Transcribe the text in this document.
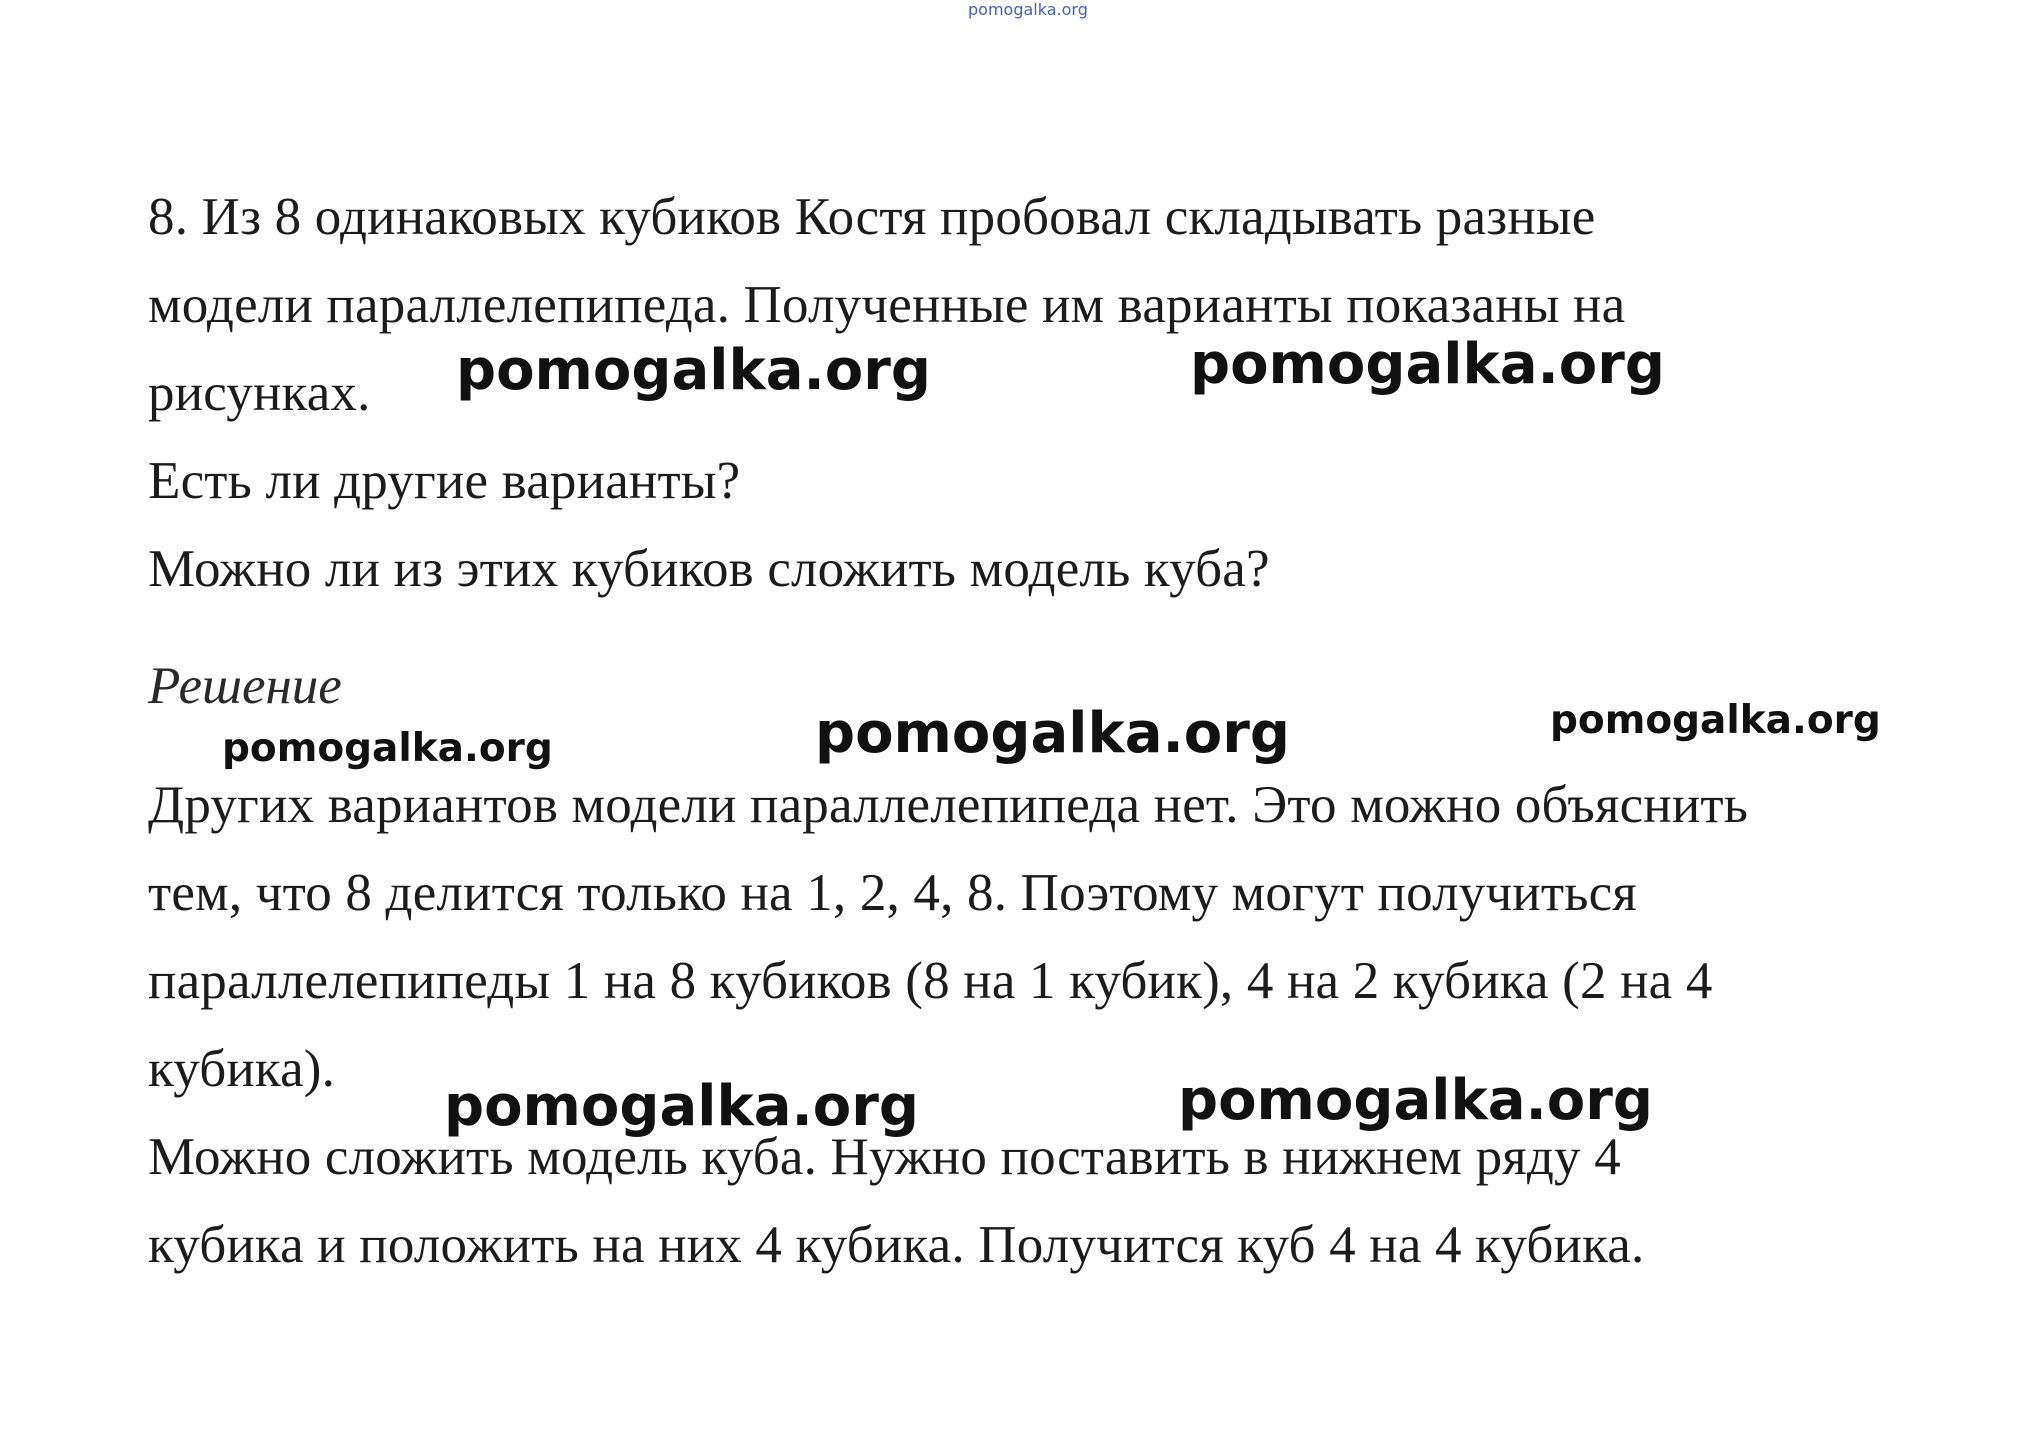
pomogalka.org
8. Из 8 одинаковых кубиков Костя пробовал складывать разные
модели параллелепипеда. Полученные им варианты показаны на
рисунках.
Есть ли другие варианты?
Можно ли из этих кубиков сложить модель куба?
Решение
Других вариантов модели параллелепипеда нет. Это можно объяснить
тем, что 8 делится только на 1, 2, 4, 8. Поэтому могут получиться
параллелепипеды 1 на 8 кубиков (8 на 1 кубик), 4 на 2 кубика (2 на 4
кубика).
Можно сложить модель куба. Нужно поставить в нижнем ряду 4
кубика и положить на них 4 кубика. Получится куб 4 на 4 кубика.
pomogalka.org	pomogalka.org
pomogalka.org
pomogalka.org
pomogalka.org
pomogalka.org	pomogalka.org
